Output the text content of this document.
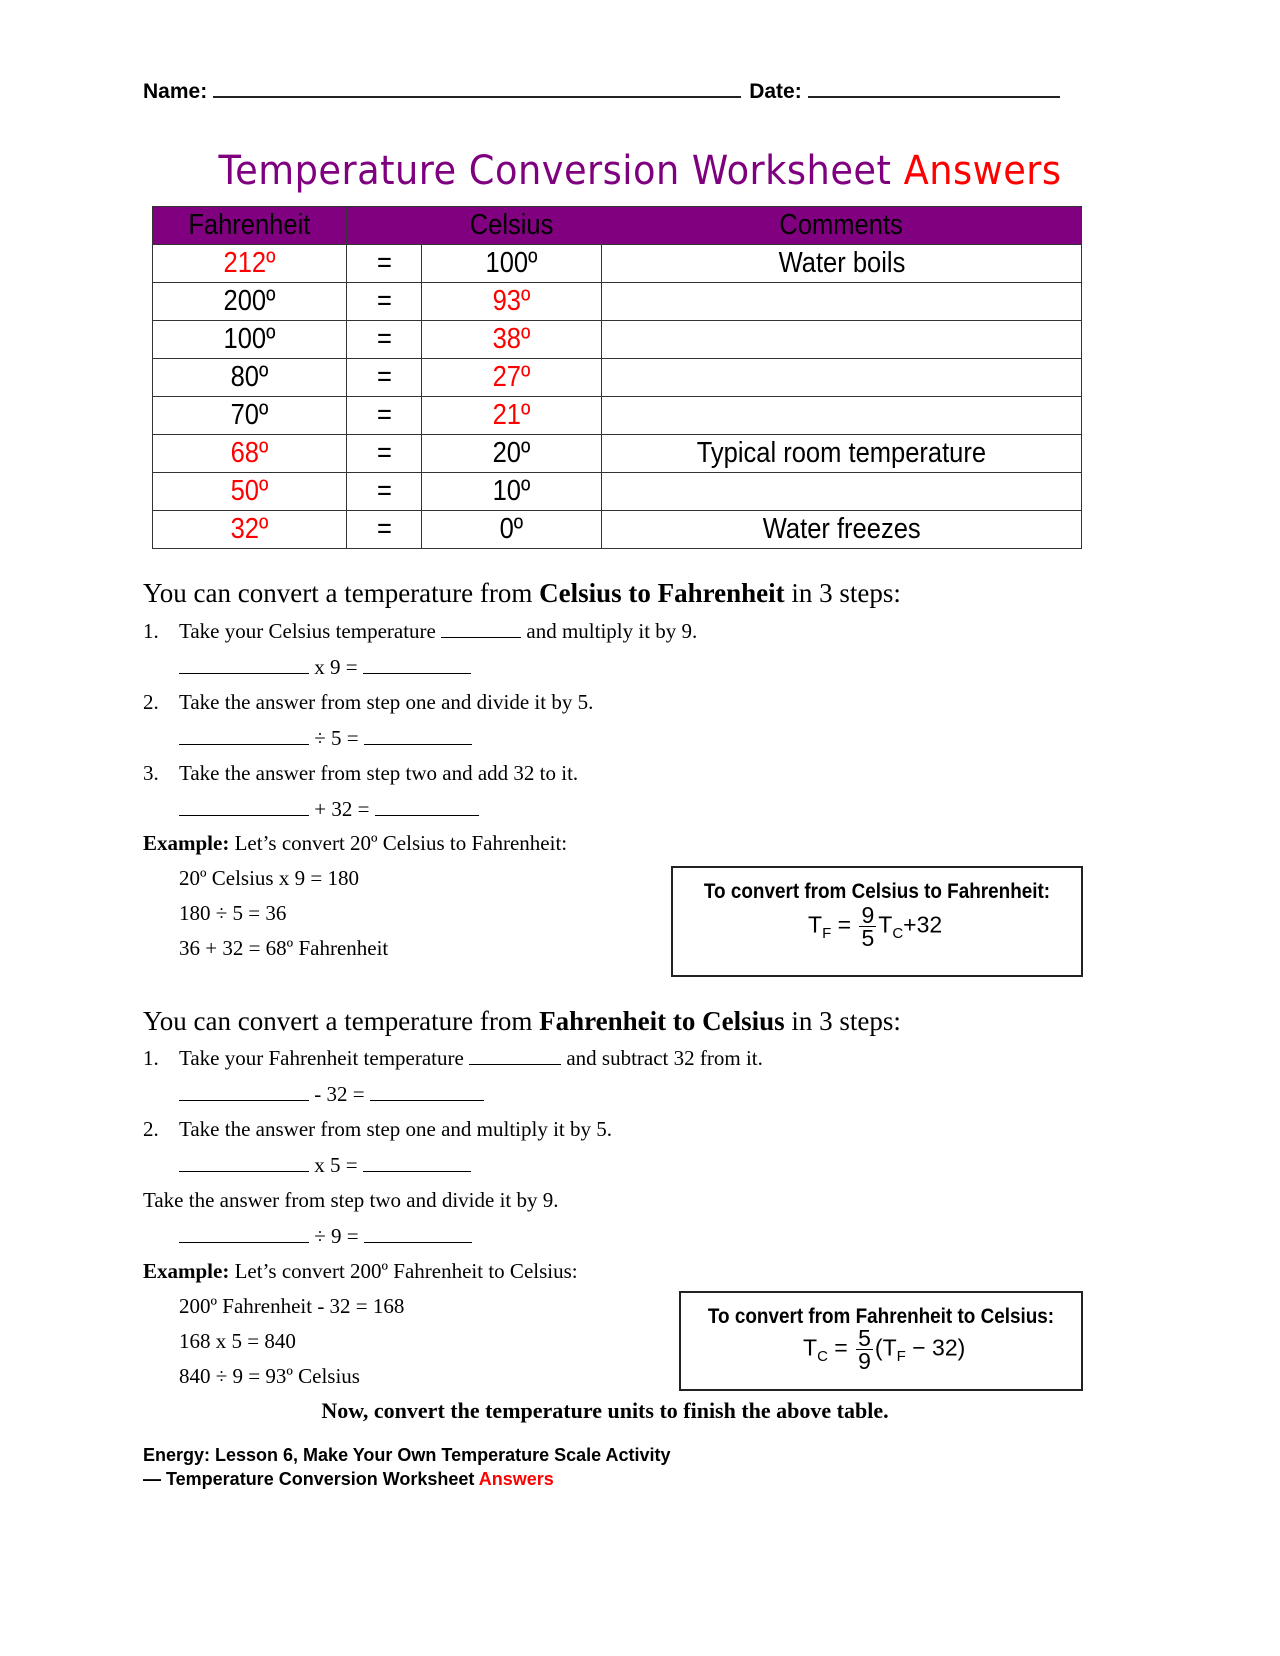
Name:	Date:
Temperature Conversion Worksheet Answers
Fahrenheit		Celsius	Comments
212º	=	100º	Water boils
200º	=	93º	
100º	=	38º	
80º	=	27º	
70º	=	21º	
68º	=	20º	Typical room temperature
50º	=	10º	
32º	=	0º	Water freezes
You can convert a temperature from Celsius to Fahrenheit in 3 steps:
1. Take your Celsius temperature	and multiply it by 9.
x 9 =
2. Take the answer from step one and divide it by 5.
÷ 5 =
3. Take the answer from step two and add 32 to it.
+ 32 =
Example: Let’s convert 20º Celsius to Fahrenheit:
20º Celsius x 9 = 180
180 ÷ 5 = 36
36 + 32 = 68º Fahrenheit
To convert from Celsius to Fahrenheit:
$T_F = \frac{9}{5} T_C+32$
You can convert a temperature from Fahrenheit to Celsius in 3 steps:
1. Take your Fahrenheit temperature	and subtract 32 from it.
- 32 =
2. Take the answer from step one and multiply it by 5.
x 5 =
Take the answer from step two and divide it by 9.
÷ 9 =
Example: Let’s convert 200º Fahrenheit to Celsius:
200º Fahrenheit - 32 = 168
168 x 5 = 840
840 ÷ 9 = 93º Celsius
To convert from Fahrenheit to Celsius:
$T_C = \frac{5}{9} (T_F - 32)$
Now, convert the temperature units to finish the above table.
Energy: Lesson 6, Make Your Own Temperature Scale Activity
— Temperature Conversion Worksheet Answers
